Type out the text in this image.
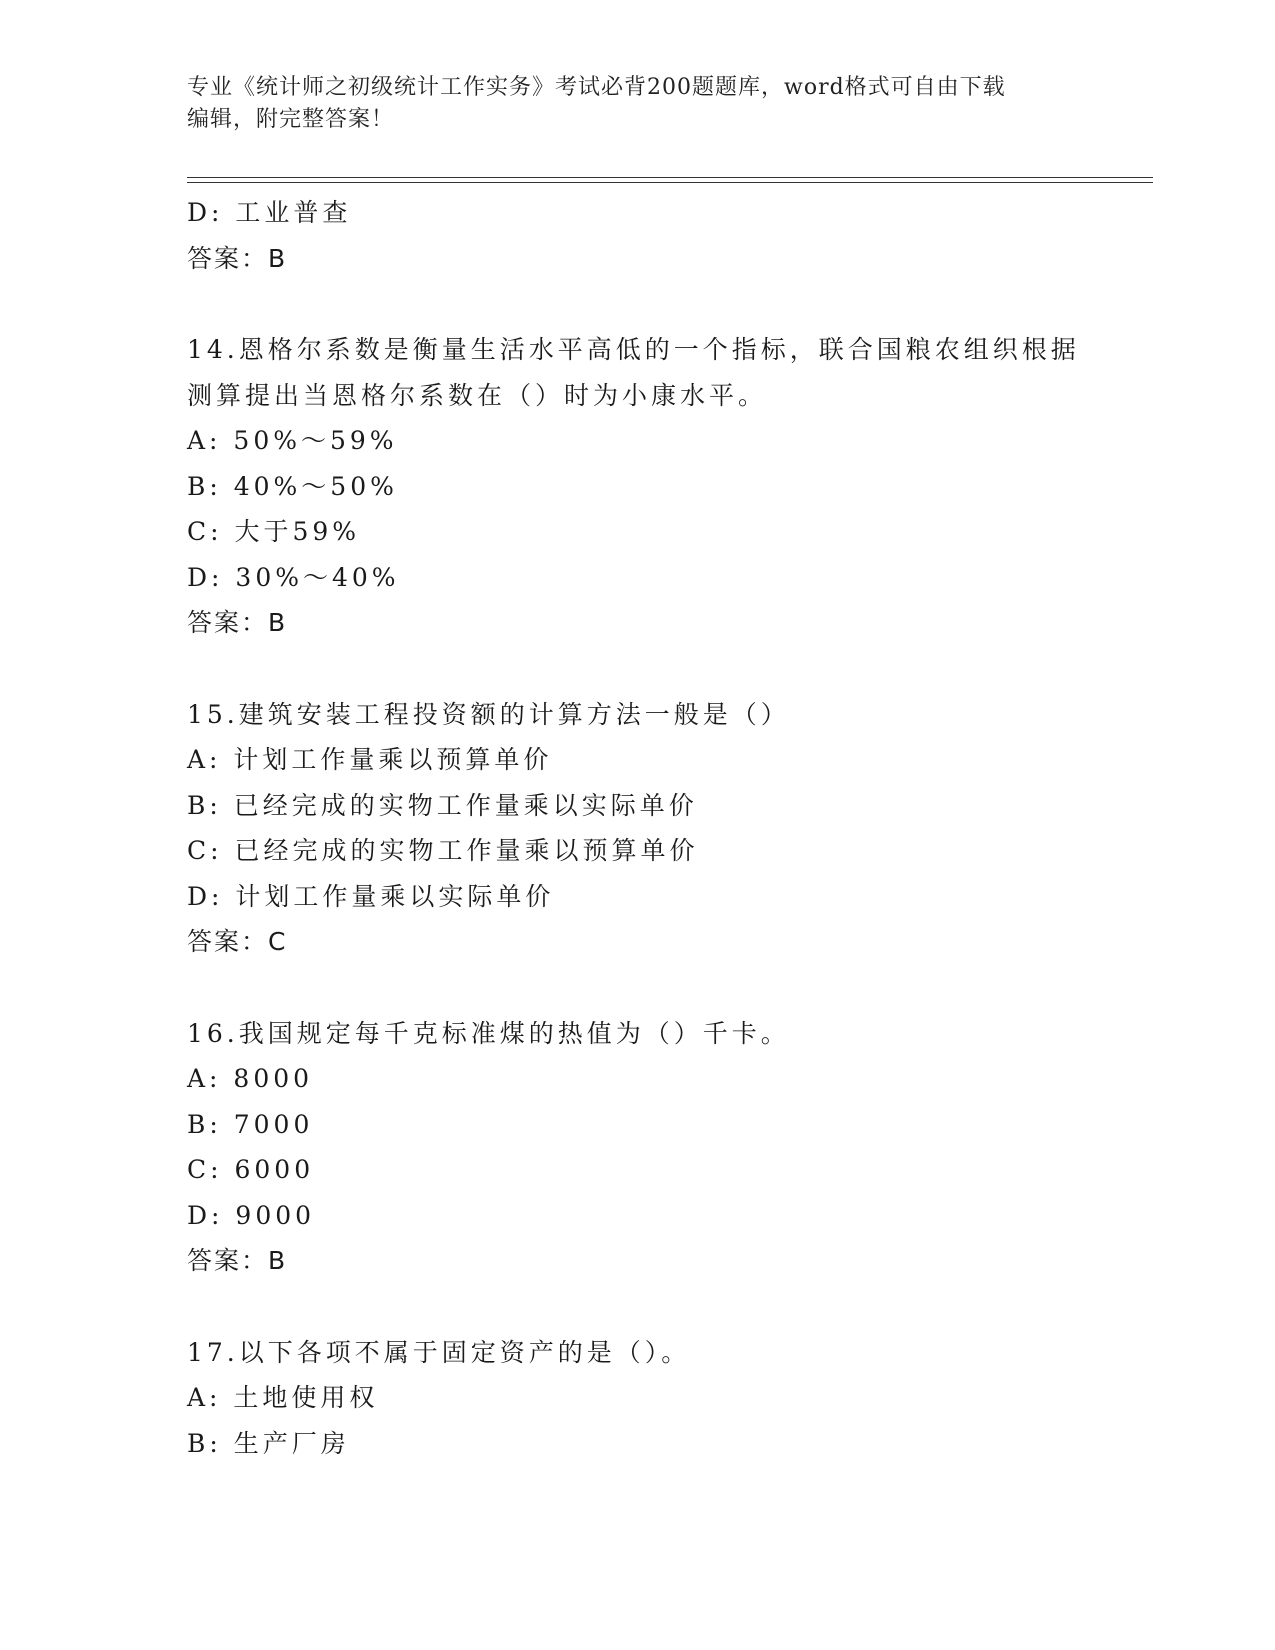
专业《统计师之初级统计工作实务》考试必背200题题库，word格式可自由下载
编辑，附完整答案！
D: 工业普查
答案：B
14.恩格尔系数是衡量生活水平高低的一个指标，联合国粮农组织根据
测算提出当恩格尔系数在（）时为小康水平。
A: 50%～59%
B: 40%～50%
C: 大于59%
D: 30%～40%
答案：B
15.建筑安装工程投资额的计算方法一般是（）
A: 计划工作量乘以预算单价
B: 已经完成的实物工作量乘以实际单价
C: 已经完成的实物工作量乘以预算单价
D: 计划工作量乘以实际单价
答案：C
16.我国规定每千克标准煤的热值为（）千卡。
A: 8000
B: 7000
C: 6000
D: 9000
答案：B
17.以下各项不属于固定资产的是（）。
A: 土地使用权
B: 生产厂房
